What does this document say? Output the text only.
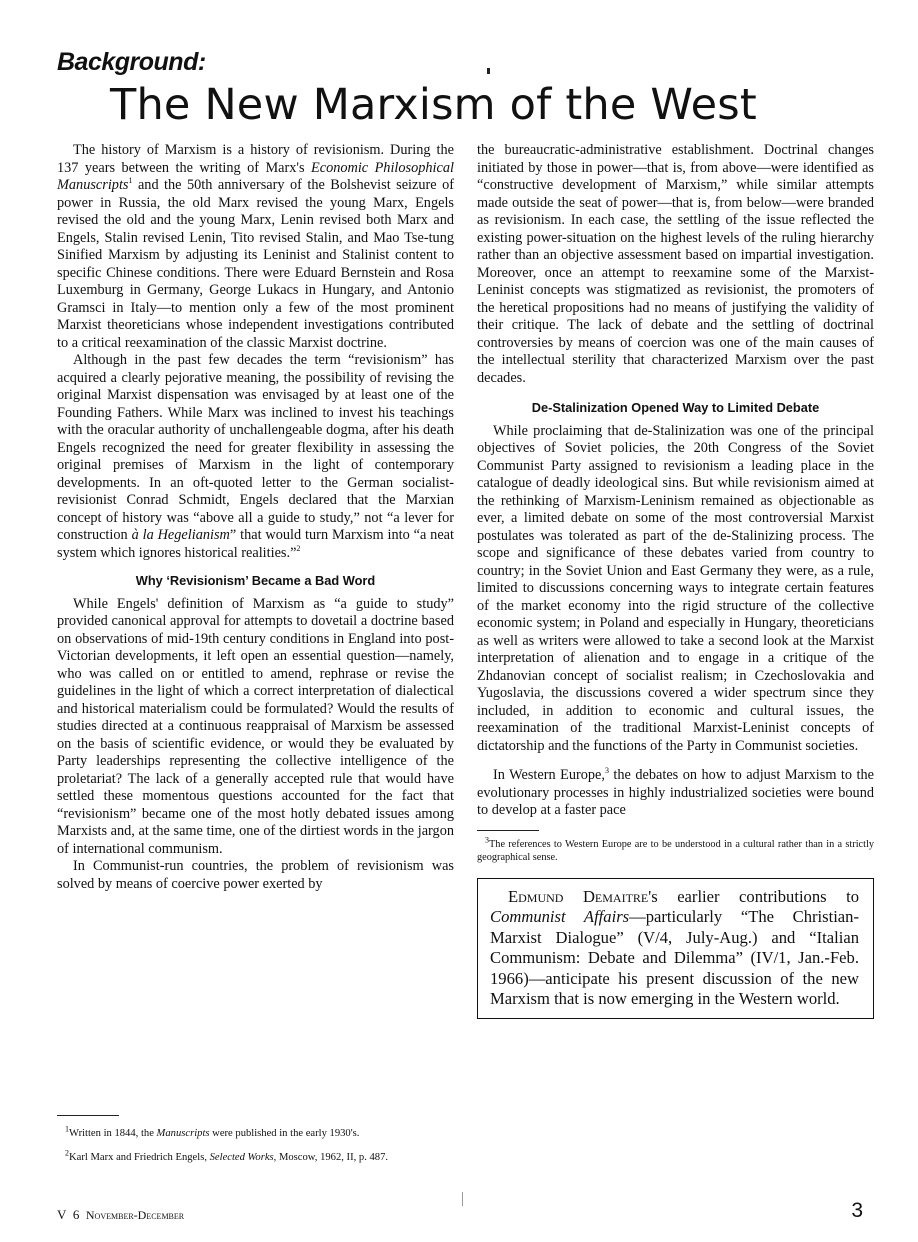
Background:
The New Marxism of the West

The history of Marxism is a history of revisionism. During the 137 years between the writing of Marx's Economic Philosophical Manuscripts$^1$ and the 50th anniversary of the Bolshevist seizure of power in Russia, the old Marx revised the young Marx, Engels revised the old and the young Marx, Lenin revised both Marx and Engels, Stalin revised Lenin, Tito revised Stalin, and Mao Tse-tung Sinified Marxism by adjusting its Leninist and Stalinist content to specific Chinese conditions. There were Eduard Bernstein and Rosa Luxemburg in Germany, George Lukacs in Hungary, and Antonio Gramsci in Italy—to mention only a few of the most prominent Marxist theoreticians whose independent investigations contributed to a critical reexamination of the classic Marxist doctrine.

Although in the past few decades the term “revisionism” has acquired a clearly pejorative meaning, the possibility of revising the original Marxist dispensation was envisaged by at least one of the Founding Fathers. While Marx was inclined to invest his teachings with the oracular authority of unchallengeable dogma, after his death Engels recognized the need for greater flexibility in assessing the original premises of Marxism in the light of contemporary developments. In an oft-quoted letter to the German socialist-revisionist Conrad Schmidt, Engels declared that the Marxian concept of history was “above all a guide to study,” not “a lever for construction à la Hegelianism” that would turn Marxism into “a neat system which ignores historical realities.”$^2$

Why ‘Revisionism’ Became a Bad Word

While Engels' definition of Marxism as “a guide to study” provided canonical approval for attempts to dovetail a doctrine based on observations of mid-19th century conditions in England into post-Victorian developments, it left open an essential question—namely, who was called on or entitled to amend, rephrase or revise the guidelines in the light of which a correct interpretation of dialectical and historical materialism could be formulated? Would the results of studies directed at a continuous reappraisal of Marxism be assessed on the basis of scientific evidence, or would they be evaluated by Party leaderships representing the collective intelligence of the proletariat? The lack of a generally accepted rule that would have settled these momentous questions accounted for the fact that “revisionism” became one of the most hotly debated issues among Marxists and, at the same time, one of the dirtiest words in the jargon of international communism.

In Communist-run countries, the problem of revisionism was solved by means of coercive power exerted by

$^1$Written in 1844, the Manuscripts were published in the early 1930's.

$^2$Karl Marx and Friedrich Engels, Selected Works, Moscow, 1962, II, p. 487.

the bureaucratic-administrative establishment. Doctrinal changes initiated by those in power—that is, from above—were identified as “constructive development of Marxism,” while similar attempts made outside the seat of power—that is, from below—were branded as revisionism. In each case, the settling of the issue reflected the existing power-situation on the highest levels of the ruling hierarchy rather than an objective assessment based on impartial investigation. Moreover, once an attempt to reexamine some of the Marxist-Leninist concepts was stigmatized as revisionist, the promoters of the heretical propositions had no means of justifying the validity of their critique. The lack of debate and the settling of doctrinal controversies by means of coercion was one of the main causes of the intellectual sterility that characterized Marxism over the past decades.

De-Stalinization Opened Way to Limited Debate

While proclaiming that de-Stalinization was one of the principal objectives of Soviet policies, the 20th Congress of the Soviet Communist Party assigned to revisionism a leading place in the catalogue of deadly ideological sins. But while revisionism aimed at the rethinking of Marxism-Leninism remained as objectionable as ever, a limited debate on some of the most controversial Marxist postulates was tolerated as part of the de-Stalinizing process. The scope and significance of these debates varied from country to country; in the Soviet Union and East Germany they were, as a rule, limited to discussions concerning ways to integrate certain features of the market economy into the rigid structure of the collective economic system; in Poland and especially in Hungary, theoreticians as well as writers were allowed to take a second look at the Marxist interpretation of alienation and to engage in a critique of the Zhdanovian concept of socialist realism; in Czechoslovakia and Yugoslavia, the discussions covered a wider spectrum since they included, in addition to economic and cultural issues, the reexamination of the traditional Marxist-Leninist concepts of dictatorship and the functions of the Party in Communist societies.

In Western Europe,$^3$ the debates on how to adjust Marxism to the evolutionary processes in highly industrialized societies were bound to develop at a faster pace

$^3$The references to Western Europe are to be understood in a cultural rather than in a strictly geographical sense.

Edmund Demaitre's earlier contributions to Communist Affairs—particularly “The Christian-Marxist Dialogue” (V/4, July-Aug.) and “Italian Communism: Debate and Dilemma” (IV/1, Jan.-Feb. 1966)—anticipate his present discussion of the new Marxism that is now emerging in the Western world.
V 6 November-December	3
